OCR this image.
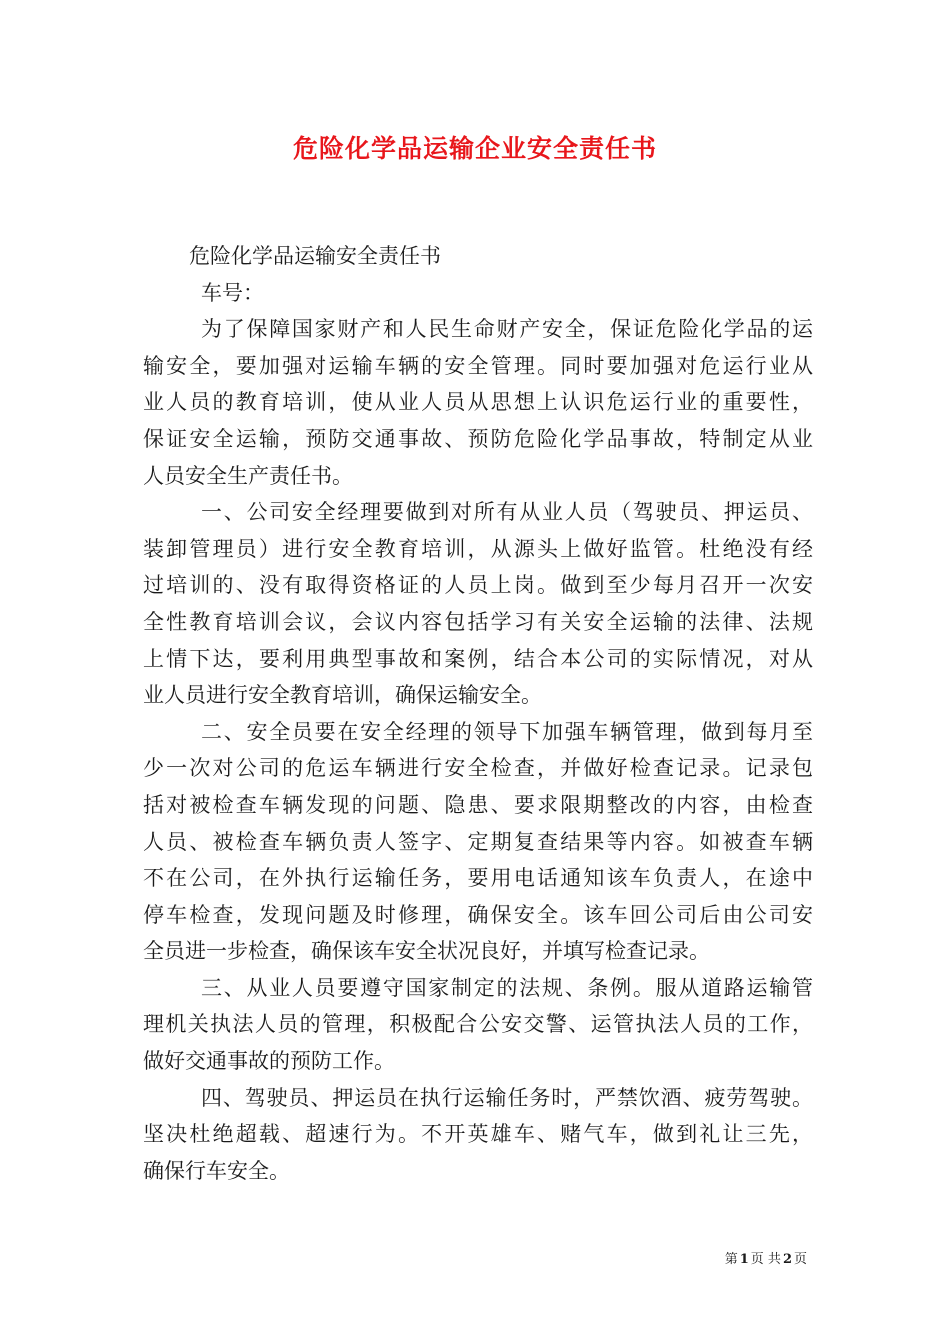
危险化学品运输企业安全责任书
危险化学品运输安全责任书
车号：
为了保障国家财产和人民生命财产安全，保证危险化学品的运
输安全，要加强对运输车辆的安全管理。同时要加强对危运行业从
业人员的教育培训，使从业人员从思想上认识危运行业的重要性，
保证安全运输，预防交通事故、预防危险化学品事故，特制定从业
人员安全生产责任书。
一、公司安全经理要做到对所有从业人员（驾驶员、押运员、
装卸管理员）进行安全教育培训，从源头上做好监管。杜绝没有经
过培训的、没有取得资格证的人员上岗。做到至少每月召开一次安
全性教育培训会议，会议内容包括学习有关安全运输的法律、法规
上情下达，要利用典型事故和案例，结合本公司的实际情况，对从
业人员进行安全教育培训，确保运输安全。
二、安全员要在安全经理的领导下加强车辆管理，做到每月至
少一次对公司的危运车辆进行安全检查，并做好检查记录。记录包
括对被检查车辆发现的问题、隐患、要求限期整改的内容，由检查
人员、被检查车辆负责人签字、定期复查结果等内容。如被查车辆
不在公司，在外执行运输任务，要用电话通知该车负责人，在途中
停车检查，发现问题及时修理，确保安全。该车回公司后由公司安
全员进一步检查，确保该车安全状况良好，并填写检查记录。
三、从业人员要遵守国家制定的法规、条例。服从道路运输管
理机关执法人员的管理，积极配合公安交警、运管执法人员的工作，
做好交通事故的预防工作。
四、驾驶员、押运员在执行运输任务时，严禁饮酒、疲劳驾驶。
坚决杜绝超载、超速行为。不开英雄车、赌气车，做到礼让三先，
确保行车安全。
第 1 页 共 2 页
